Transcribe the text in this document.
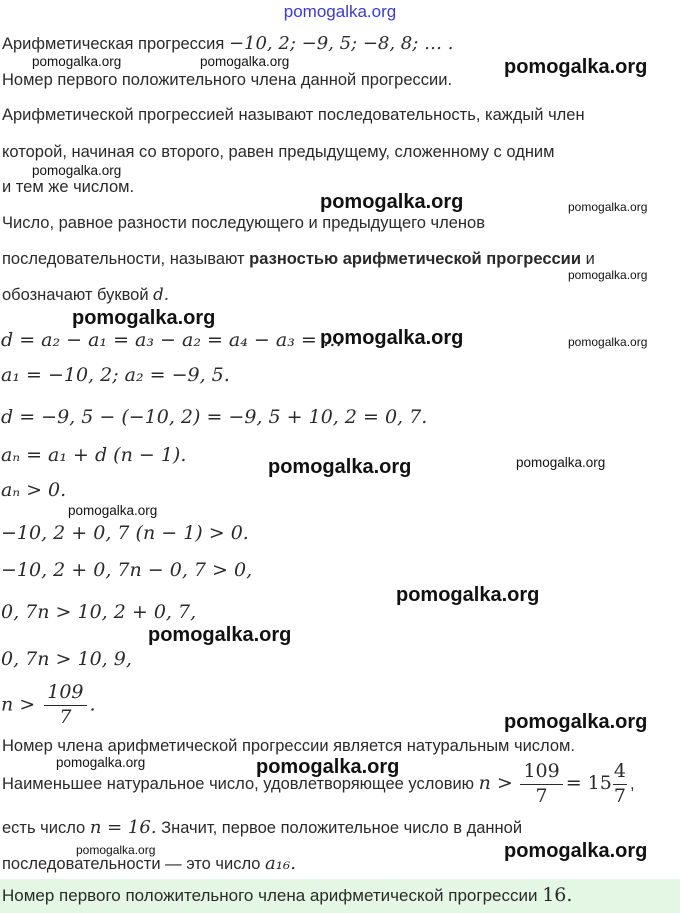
pomogalka.org
Арифметическая прогрессия −10, 2; −9, 5; −8, 8; … .
Номер первого положительного члена данной прогрессии.
Арифметической прогрессией называют последовательность, каждый член
которой, начиная со второго, равен предыдущему, сложенному с одним
и тем же числом.
Число, равное разности последующего и предыдущего членов
последовательности, называют разностью арифметической прогрессии и
обозначают буквой d.
d = a₂ − a₁ = a₃ − a₂ = a₄ − a₃ = …
a₁ = −10, 2; a₂ = −9, 5.
d = −9, 5 − (−10, 2) = −9, 5 + 10, 2 = 0, 7.
aₙ = a₁ + d (n − 1).
aₙ > 0.
−10, 2 + 0, 7 (n − 1) > 0.
−10, 2 + 0, 7n − 0, 7 > 0,
0, 7n > 10, 2 + 0, 7,
0, 7n > 10, 9,
$n > \frac{109}{7}$ .
Номер члена арифметической прогрессии является натуральным числом.
Наименьшее натуральное число, удовлетворяющее условию $n > \frac{109}{7} = 15 \frac{4}{7}$ ,
есть число n = 16. Значит, первое положительное число в данной
последовательности — это число a₁₆.
Номер первого положительного члена арифметической прогрессии 16.
pomogalka.org
pomogalka.org
pomogalka.org
pomogalka.org
pomogalka.org
pomogalka.org
pomogalka.org
pomogalka.org
pomogalka.org
pomogalka.org
pomogalka.org	pomogalka.org
pomogalka.org
pomogalka.org
pomogalka.org
pomogalka.org
pomogalka.org
pomogalka.org
pomogalka.org
pomogalka.org
